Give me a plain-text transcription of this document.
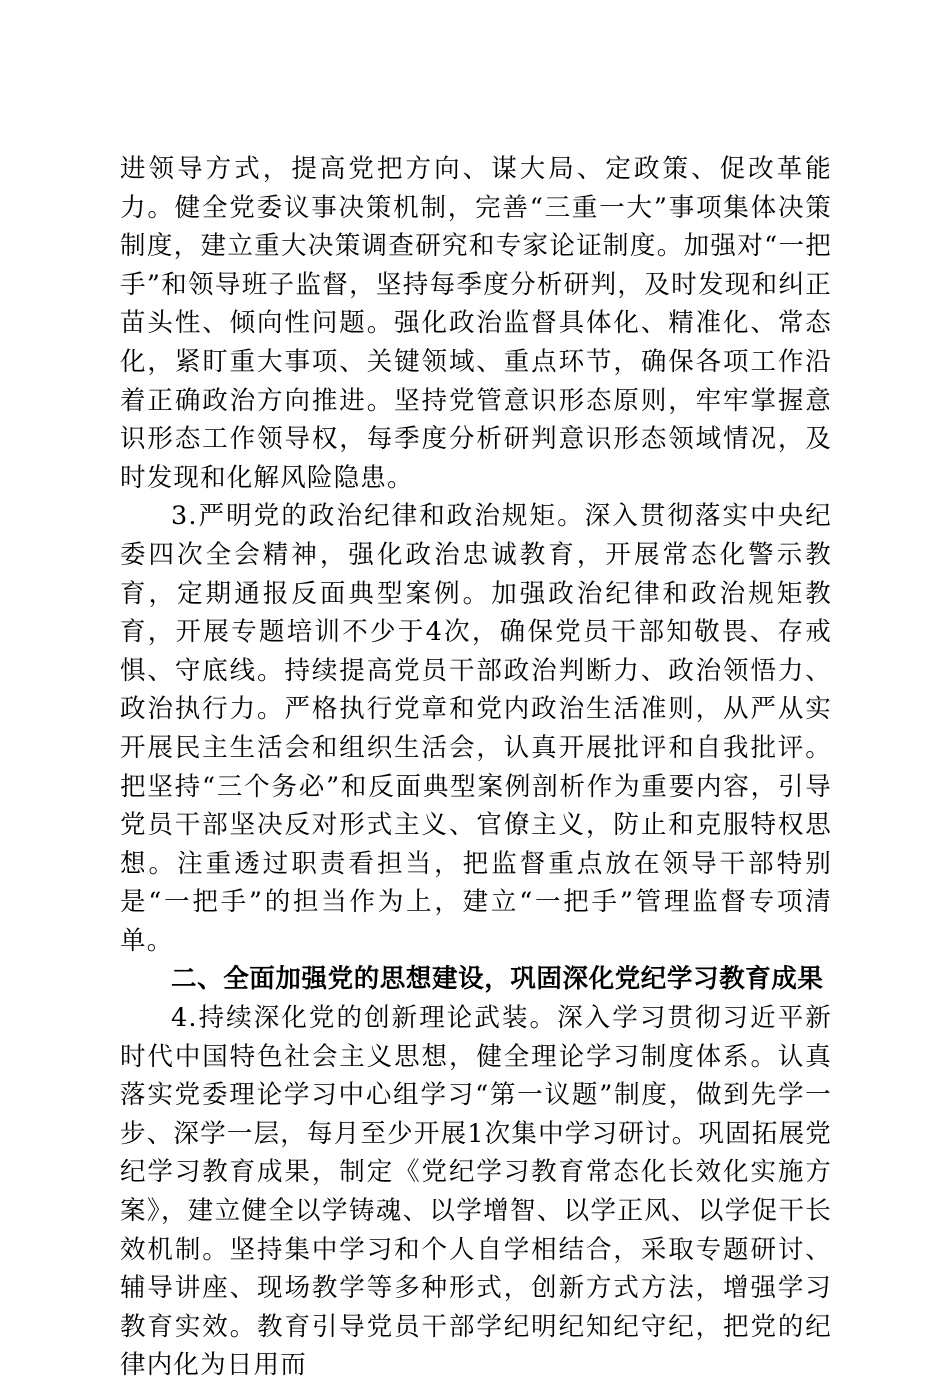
进领导方式，提高党把方向、谋大局、定政策、促改革能力。健全党委议事决策机制，完善“三重一大”事项集体决策制度，建立重大决策调查研究和专家论证制度。加强对“一把手”和领导班子监督，坚持每季度分析研判，及时发现和纠正苗头性、倾向性问题。强化政治监督具体化、精准化、常态化，紧盯重大事项、关键领域、重点环节，确保各项工作沿着正确政治方向推进。坚持党管意识形态原则，牢牢掌握意识形态工作领导权，每季度分析研判意识形态领域情况，及时发现和化解风险隐患。

3.严明党的政治纪律和政治规矩。深入贯彻落实中央纪委四次全会精神，强化政治忠诚教育，开展常态化警示教育，定期通报反面典型案例。加强政治纪律和政治规矩教育，开展专题培训不少于4次，确保党员干部知敬畏、存戒惧、守底线。持续提高党员干部政治判断力、政治领悟力、政治执行力。严格执行党章和党内政治生活准则，从严从实开展民主生活会和组织生活会，认真开展批评和自我批评。把坚持“三个务必”和反面典型案例剖析作为重要内容，引导党员干部坚决反对形式主义、官僚主义，防止和克服特权思想。注重透过职责看担当，把监督重点放在领导干部特别是“一把手”的担当作为上，建立“一把手”管理监督专项清单。

二、全面加强党的思想建设，巩固深化党纪学习教育成果

4.持续深化党的创新理论武装。深入学习贯彻习近平新时代中国特色社会主义思想，健全理论学习制度体系。认真落实党委理论学习中心组学习“第一议题”制度，做到先学一步、深学一层，每月至少开展1次集中学习研讨。巩固拓展党纪学习教育成果，制定《党纪学习教育常态化长效化实施方案》，建立健全以学铸魂、以学增智、以学正风、以学促干长效机制。坚持集中学习和个人自学相结合，采取专题研讨、辅导讲座、现场教学等多种形式，创新方式方法，增强学习教育实效。教育引导党员干部学纪明纪知纪守纪，把党的纪律内化为日用而
